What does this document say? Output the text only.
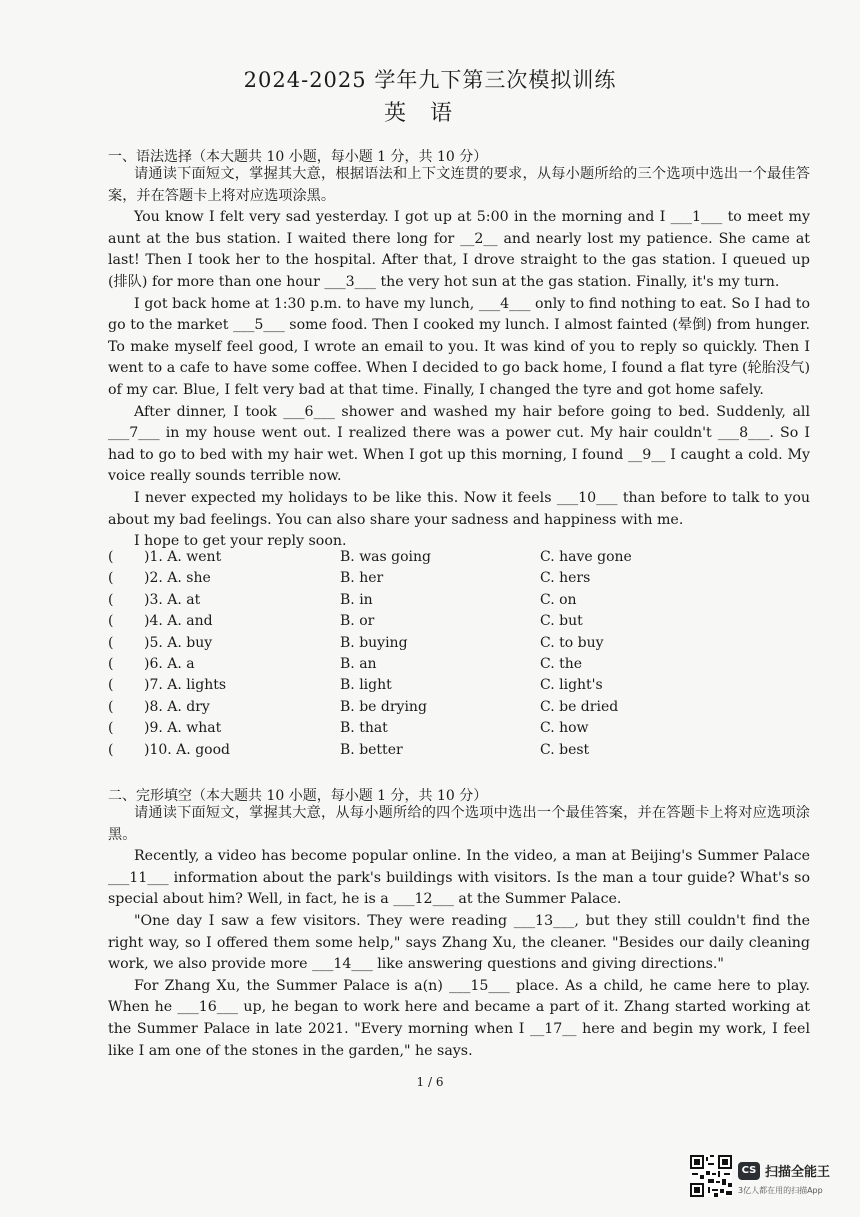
2024-2025 学年九下第三次模拟训练
英语
一、语法选择（本大题共 10 小题，每小题 1 分，共 10 分）

请通读下面短文，掌握其大意，根据语法和上下文连贯的要求，从每小题所给的三个选项中选出一个最佳答案，并在答题卡上将对应选项涂黑。

You know I felt very sad yesterday. I got up at 5:00 in the morning and I ___1___ to meet my aunt at the bus station. I waited there long for __2__ and nearly lost my patience. She came at last! Then I took her to the hospital. After that, I drove straight to the gas station. I queued up (排队) for more than one hour ___3___ the very hot sun at the gas station. Finally, it's my turn.

I got back home at 1:30 p.m. to have my lunch, ___4___ only to find nothing to eat. So I had to go to the market ___5___ some food. Then I cooked my lunch. I almost fainted (晕倒) from hunger. To make myself feel good, I wrote an email to you. It was kind of you to reply so quickly. Then I went to a cafe to have some coffee. When I decided to go back home, I found a flat tyre (轮胎没气) of my car. Blue, I felt very bad at that time. Finally, I changed the tyre and got home safely.

After dinner, I took ___6___ shower and washed my hair before going to bed. Suddenly, all ___7___ in my house went out. I realized there was a power cut. My hair couldn't ___8___. So I had to go to bed with my hair wet. When I got up this morning, I found __9__ I caught a cold. My voice really sounds terrible now.

I never expected my holidays to be like this. Now it feels ___10___ than before to talk to you about my bad feelings. You can also share your sadness and happiness with me.

I hope to get your reply soon.

( )1. A. went	B. was going	C. have gone
( )2. A. she	B. her	C. hers
( )3. A. at	B. in	C. on
( )4. A. and	B. or	C. but
( )5. A. buy	B. buying	C. to buy
( )6. A. a	B. an	C. the
( )7. A. lights	B. light	C. light's
( )8. A. dry	B. be drying	C. be dried
( )9. A. what	B. that	C. how
( )10. A. good	B. better	C. best
二、完形填空（本大题共 10 小题，每小题 1 分，共 10 分）

请通读下面短文，掌握其大意，从每小题所给的四个选项中选出一个最佳答案，并在答题卡上将对应选项涂黑。

Recently, a video has become popular online. In the video, a man at Beijing's Summer Palace ___11___ information about the park's buildings with visitors. Is the man a tour guide? What's so special about him? Well, in fact, he is a ___12___ at the Summer Palace.

"One day I saw a few visitors. They were reading ___13___, but they still couldn't find the right way, so I offered them some help," says Zhang Xu, the cleaner. "Besides our daily cleaning work, we also provide more ___14___ like answering questions and giving directions."

For Zhang Xu, the Summer Palace is a(n) ___15___ place. As a child, he came here to play. When he ___16___ up, he began to work here and became a part of it. Zhang started working at the Summer Palace in late 2021. "Every morning when I __17__ here and begin my work, I feel like I am one of the stones in the garden," he says.

1 / 6
CS 扫描全能王
3亿人都在用的扫描App
